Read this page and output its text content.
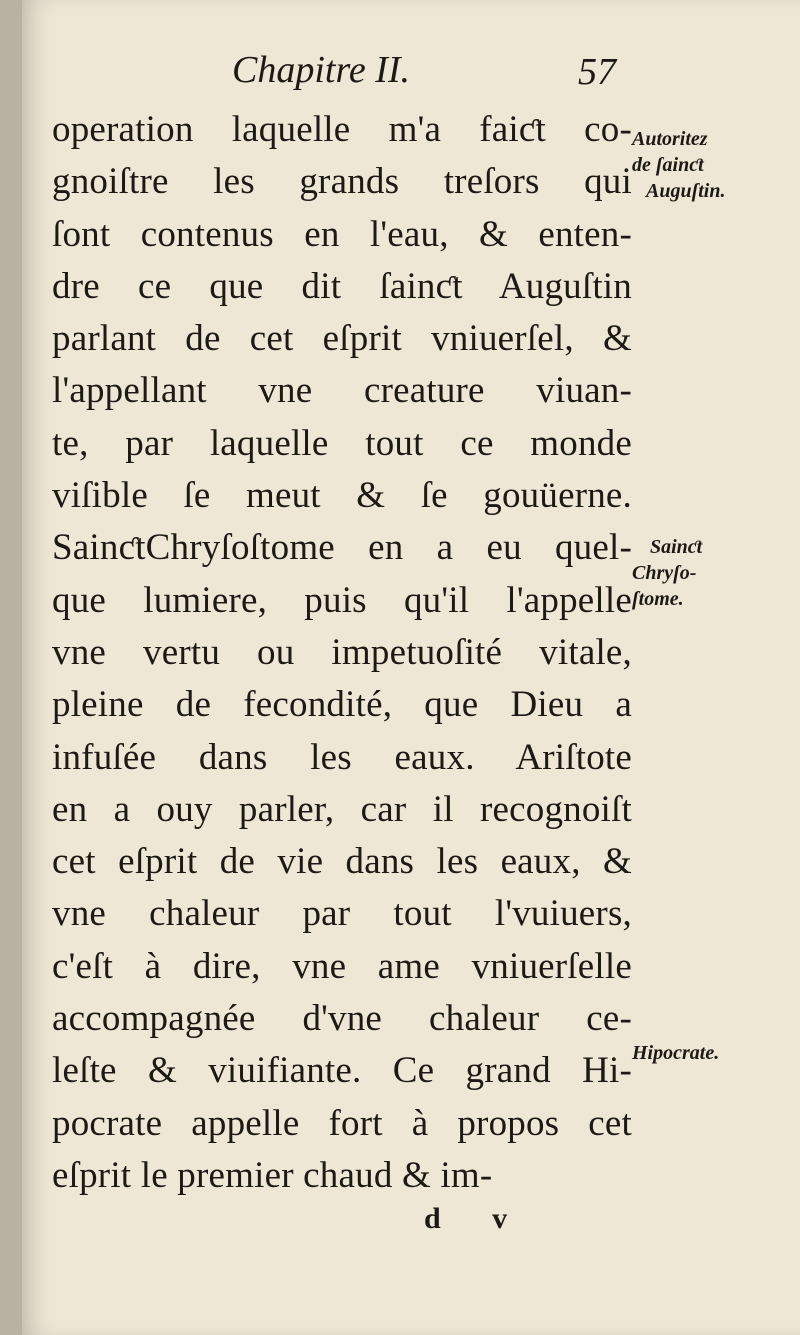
Chapitre II.	57
operation laquelle m'a faiƈt co-
gnoiſtre les grands treſors qui
ſont contenus en l'eau, & enten-
dre ce que dit ſainƈt Auguſtin
parlant de cet eſprit vniuerſel, &
l'appellant vne creature viuan-
te, par laquelle tout ce monde
viſible ſe meut & ſe gouüerne.
SainƈtChryſoſtome en a eu quel-
que lumiere, puis qu'il l'appelle
vne vertu ou impetuoſité vitale,
pleine de fecondité, que Dieu a
infuſée dans les eaux. Ariſtote
en a ouy parler, car il recognoiſt
cet eſprit de vie dans les eaux, &
vne chaleur par tout l'vuiuers,
c'eſt à dire, vne ame vniuerſelle
accompagnée d'vne chaleur ce-
leſte & viuifiante. Ce grand Hi-
pocrate appelle fort à propos cet
eſprit le premier chaud & im-
Autoritez
de ſainƈt
Auguſtin.
Sainƈt
Chryſo-
ſtome.
Hipocrate.
d v
